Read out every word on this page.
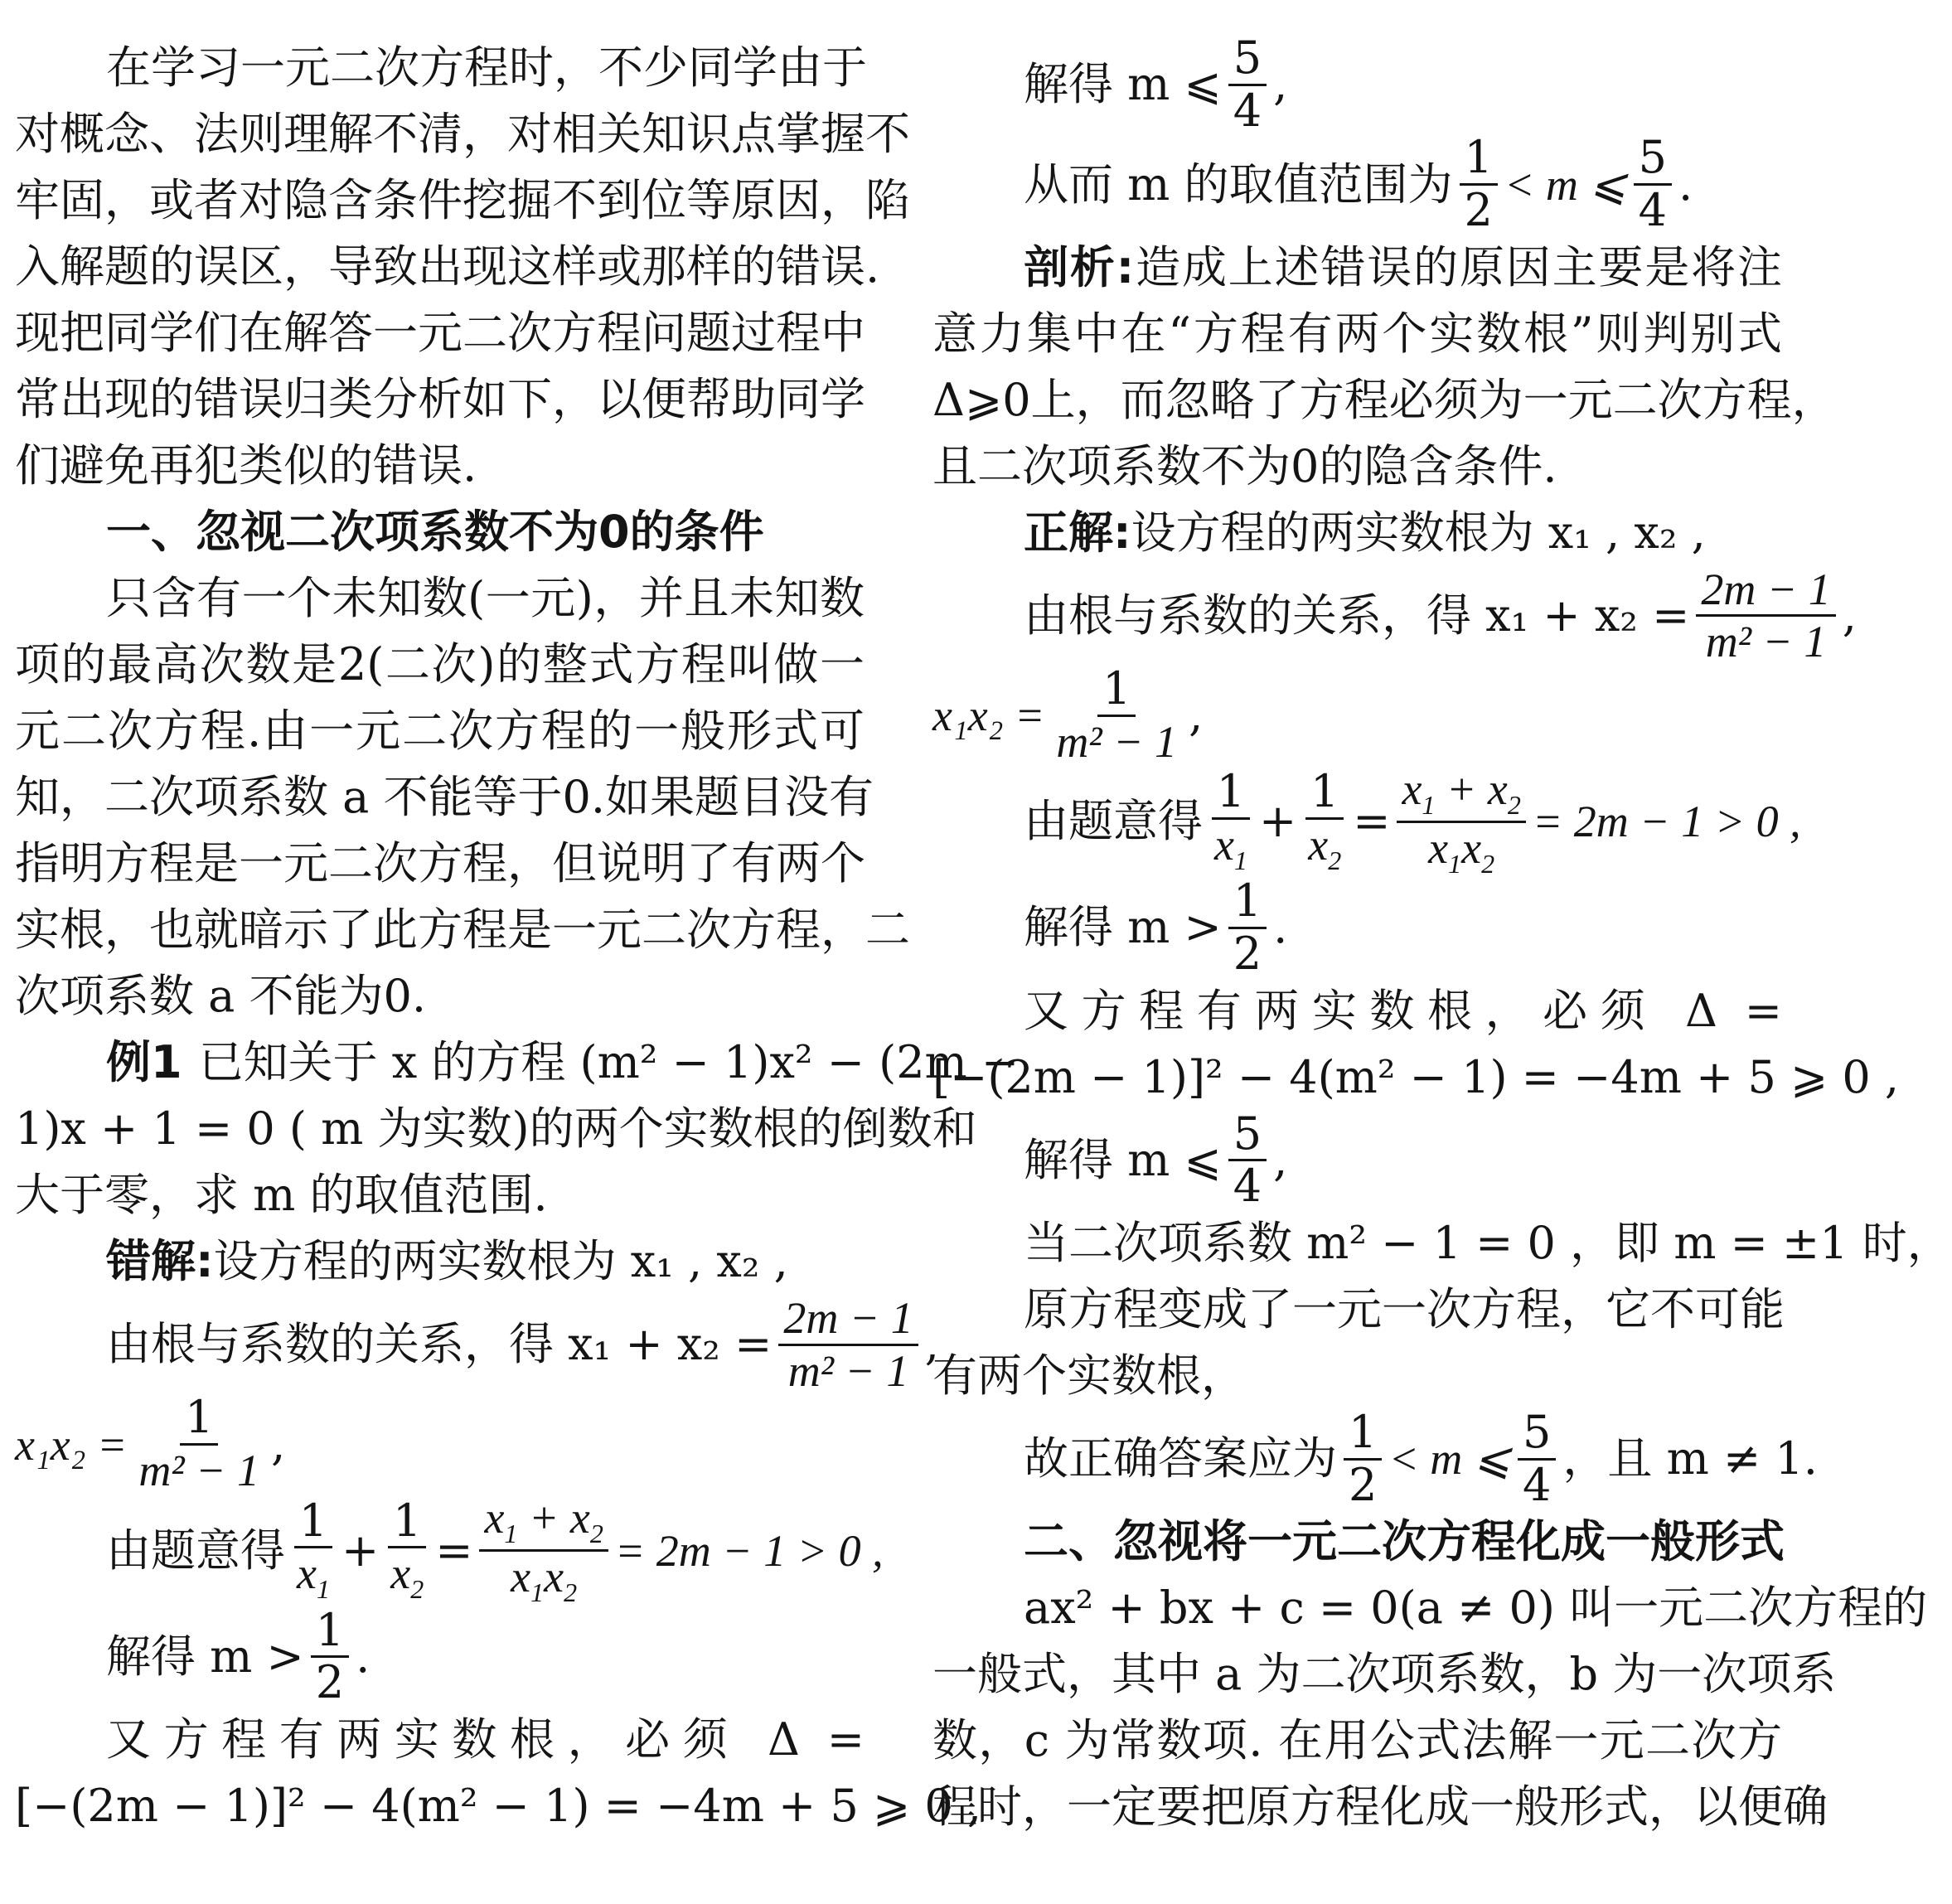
在学习一元二次方程时，不少同学由于
对概念、法则理解不清，对相关知识点掌握不
牢固，或者对隐含条件挖掘不到位等原因，陷
入解题的误区，导致出现这样或那样的错误.
现把同学们在解答一元二次方程问题过程中
常出现的错误归类分析如下，以便帮助同学
们避免再犯类似的错误.
一、忽视二次项系数不为0的条件
只含有一个未知数(一元)，并且未知数
项的最高次数是2(二次)的整式方程叫做一
元二次方程.由一元二次方程的一般形式可
知，二次项系数 a 不能等于0.如果题目没有
指明方程是一元二次方程，但说明了有两个
实根，也就暗示了此方程是一元二次方程，二
次项系数 a 不能为0.
例1 已知关于 x 的方程 (m² − 1)x² − (2m −
1)x + 1 = 0 ( m 为实数)的两个实数根的倒数和
大于零，求 m 的取值范围.
错解:设方程的两实数根为 x₁ , x₂ ,
由根与系数的关系，得 $x_1 + x_2 = \frac{2m - 1}{\text{m² − 1}}$ ,
$x_1x_2 = \frac{1}{\text{m² − 1}}$ ,
由题意得 $\frac{1}{x_1} + \frac{1}{x_2} = \frac{x_1 + x_2}{x_1x_2} = 2m - 1 > 0$ ,
解得 $m > \frac{1}{2}$ .
又方程有两实数根，必须 Δ =
[−(2m − 1)]² − 4(m² − 1) = −4m + 5 ⩾ 0 ,
解得 m ⩽ $\frac{5}{4}$ ,
从而 m 的取值范围为 $\frac{1}{2} < m$ ⩽ $\frac{5}{4}$ .
剖析:造成上述错误的原因主要是将注
意力集中在“方程有两个实数根”则判别式
Δ⩾0上，而忽略了方程必须为一元二次方程，
且二次项系数不为0的隐含条件.
正解:设方程的两实数根为 x₁ , x₂ ,
由根与系数的关系，得 $x_1 + x_2 = \frac{2m - 1}{\text{m² − 1}}$ ,
$x_1x_2 = \frac{1}{\text{m² − 1}}$ ,
由题意得 $\frac{1}{x_1} + \frac{1}{x_2} = \frac{x_1 + x_2}{x_1x_2} = 2m - 1 > 0$ ,
解得 $m > \frac{1}{2}$ .
又方程有两实数根，必须 Δ =
[−(2m − 1)]² − 4(m² − 1) = −4m + 5 ⩾ 0 ,
解得 m ⩽ $\frac{5}{4}$ ,
当二次项系数 m² − 1 = 0 ，即 m = ±1 时，
原方程变成了一元一次方程，它不可能
有两个实数根，
故正确答案应为 $\frac{1}{2} < m$ ⩽ $\frac{5}{4}$ ，且 m ≠ 1.
二、忽视将一元二次方程化成一般形式
ax² + bx + c = 0(a ≠ 0) 叫一元二次方程的
一般式，其中 a 为二次项系数，b 为一次项系
数，c 为常数项. 在用公式法解一元二次方
程时，一定要把原方程化成一般形式，以便确
